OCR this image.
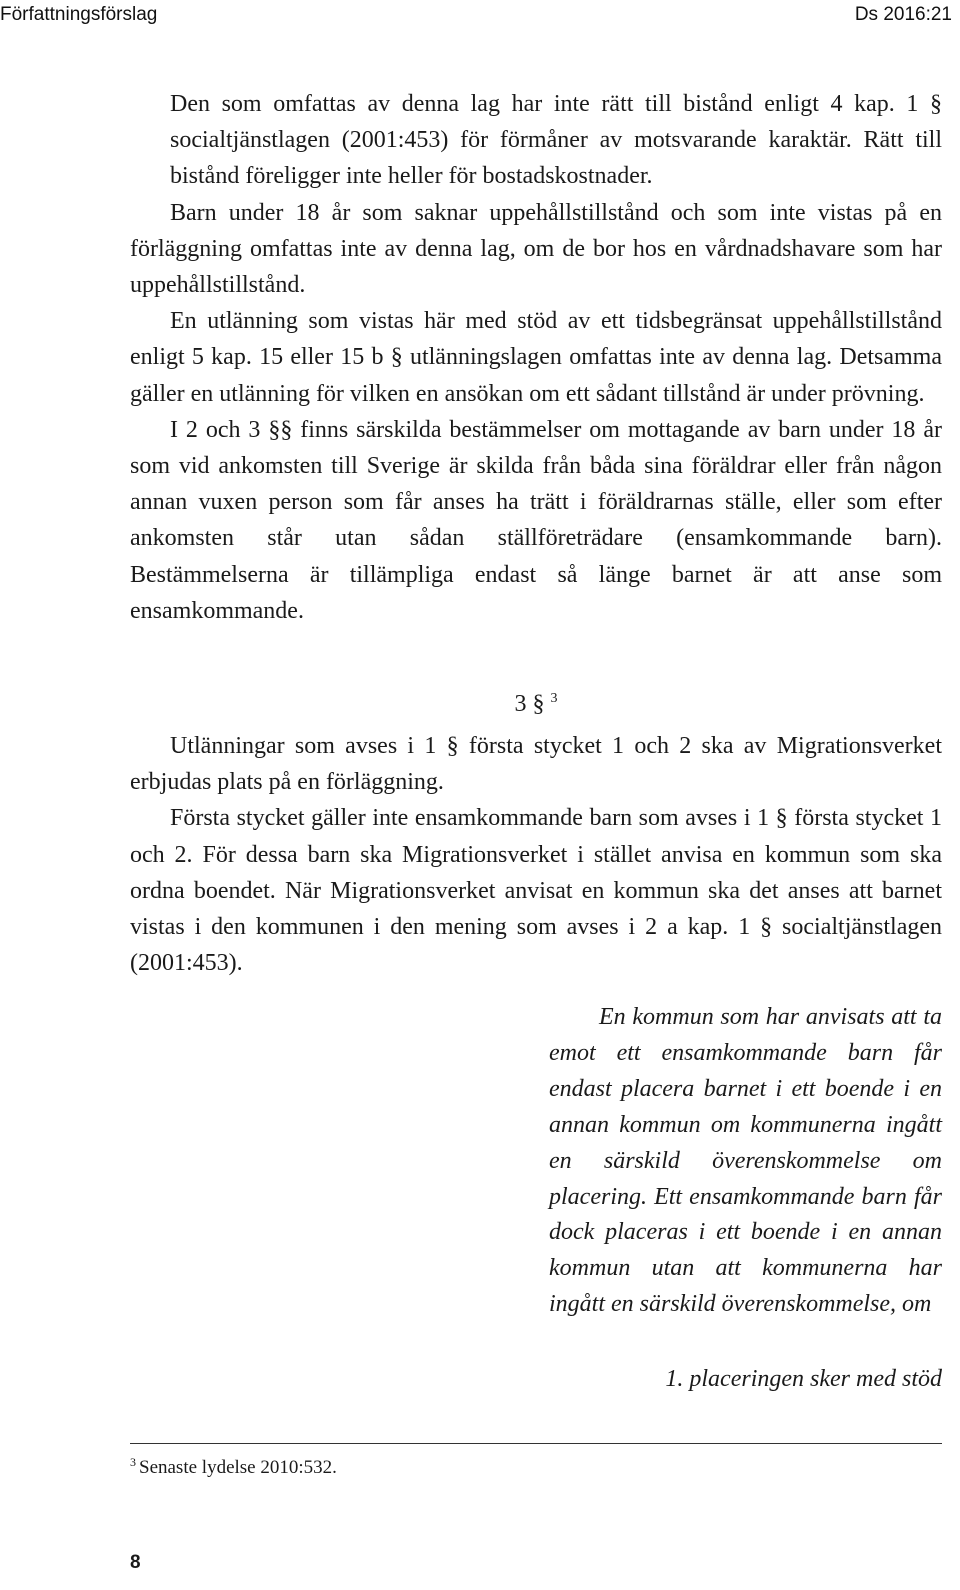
Författningsförslag	Ds 2016:21

Den som omfattas av denna lag har inte rätt till bistånd enligt 4 kap. 1 § socialtjänstlagen (2001:453) för förmåner av motsvarande karaktär. Rätt till bistånd föreligger inte heller för bostadskostnader.

Barn under 18 år som saknar uppehållstillstånd och som inte vistas på en förläggning omfattas inte av denna lag, om de bor hos en vårdnadshavare som har uppehållstillstånd.

En utlänning som vistas här med stöd av ett tidsbegränsat uppehållstillstånd enligt 5 kap. 15 eller 15 b § utlänningslagen omfattas inte av denna lag. Detsamma gäller en utlänning för vilken en ansökan om ett sådant tillstånd är under prövning.

I 2 och 3 §§ finns särskilda bestämmelser om mottagande av barn under 18 år som vid ankomsten till Sverige är skilda från båda sina föräldrar eller från någon annan vuxen person som får anses ha trätt i föräldrarnas ställe, eller som efter ankomsten står utan sådan ställföreträdare (ensamkommande barn). Bestämmelserna är tillämpliga endast så länge barnet är att anse som ensamkommande.

3 § $^3$

Utlänningar som avses i 1 § första stycket 1 och 2 ska av Migrationsverket erbjudas plats på en förläggning.

Första stycket gäller inte ensamkommande barn som avses i 1 § första stycket 1 och 2. För dessa barn ska Migrationsverket i stället anvisa en kommun som ska ordna boendet. När Migrationsverket anvisat en kommun ska det anses att barnet vistas i den kommunen i den mening som avses i 2 a kap. 1 § socialtjänstlagen (2001:453).

En kommun som har anvisats att ta emot ett ensamkommande barn får endast placera barnet i ett boende i en annan kommun om kommunerna ingått en särskild överenskommelse om placering. Ett ensamkommande barn får dock placeras i ett boende i en annan kommun utan att kommunerna har ingått en särskild överenskommelse, om

1. placeringen sker med stöd
$^3$ Senaste lydelse 2010:532.
8
